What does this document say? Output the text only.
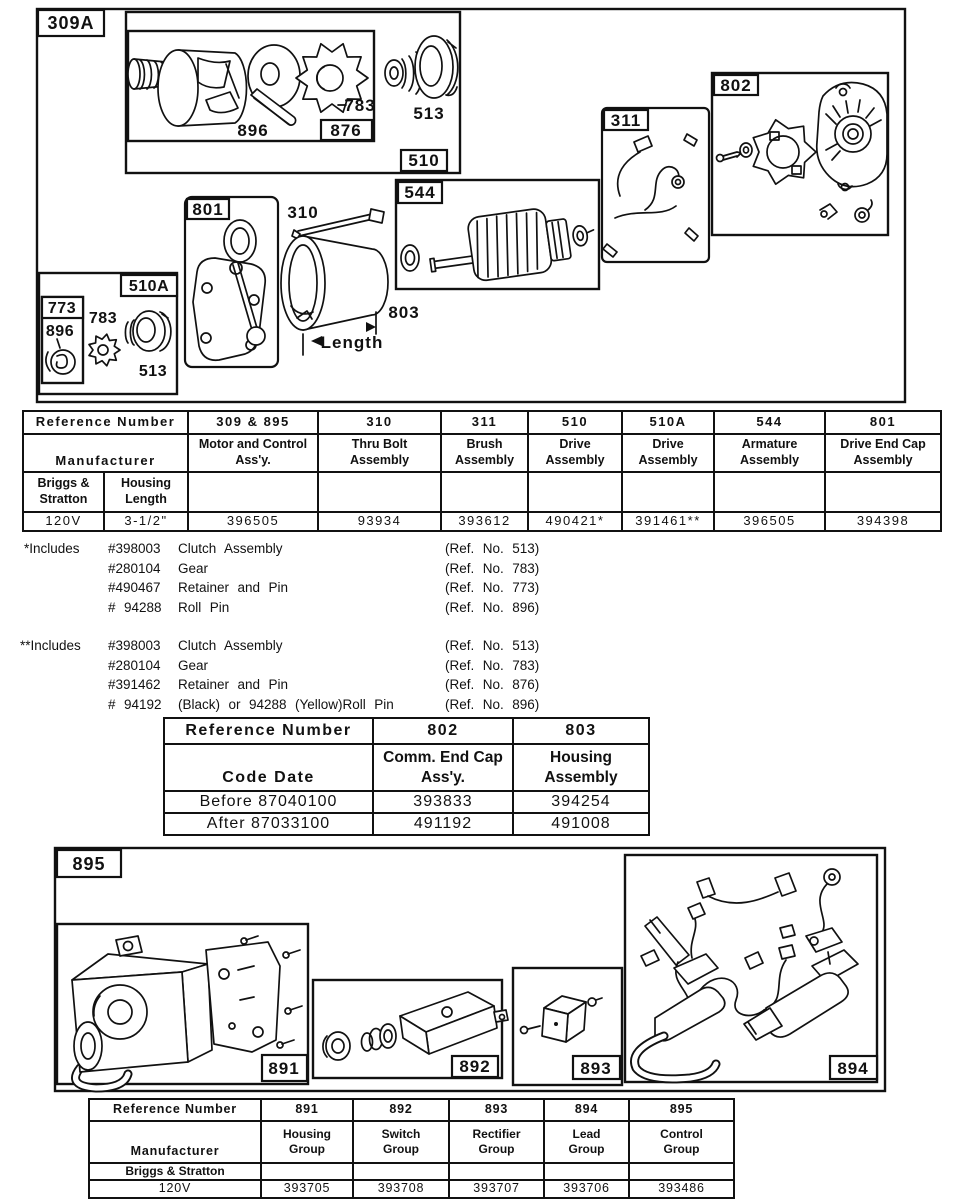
309A
510
876
896
783 513
801	310
Length
803
544
311
802
510A
773
896
783
513
Reference Number		309 & 895	310	311	510	510A	544	801
Manufacturer		Motor and Control Ass'y.	Thru Bolt Assembly	Brush Assembly	Drive Assembly	Drive Assembly	Armature Assembly	Drive End Cap Assembly
Briggs & Stratton	Housing Length							
120V	3-1/2"	396505	93934	393612	490421*	391461**	396505	394398
*Includes	#398003	Clutch Assembly	(Ref. No. 513)
#280104	Gear	(Ref. No. 783)
#490467	Retainer and Pin	(Ref. No. 773)
# 94288	Roll Pin	(Ref. No. 896)
**Includes	#398003	Clutch Assembly	(Ref. No. 513)
#280104	Gear	(Ref. No. 783)
#391462	Retainer and Pin	(Ref. No. 876)
# 94192	(Black) or 94288 (Yellow)Roll Pin	(Ref. No. 896)
Reference Number	802	803
Code Date	Comm. End Cap Ass'y.	Housing Assembly
Before 87040100	393833	394254
After 87033100	491192	491008
895
891	892	893	894
Reference Number	891	892	893	894	895
Manufacturer	Housing Group	Switch Group	Rectifier Group	Lead Group	Control Group
Briggs & Stratton					
120V	393705	393708	393707	393706	393486
